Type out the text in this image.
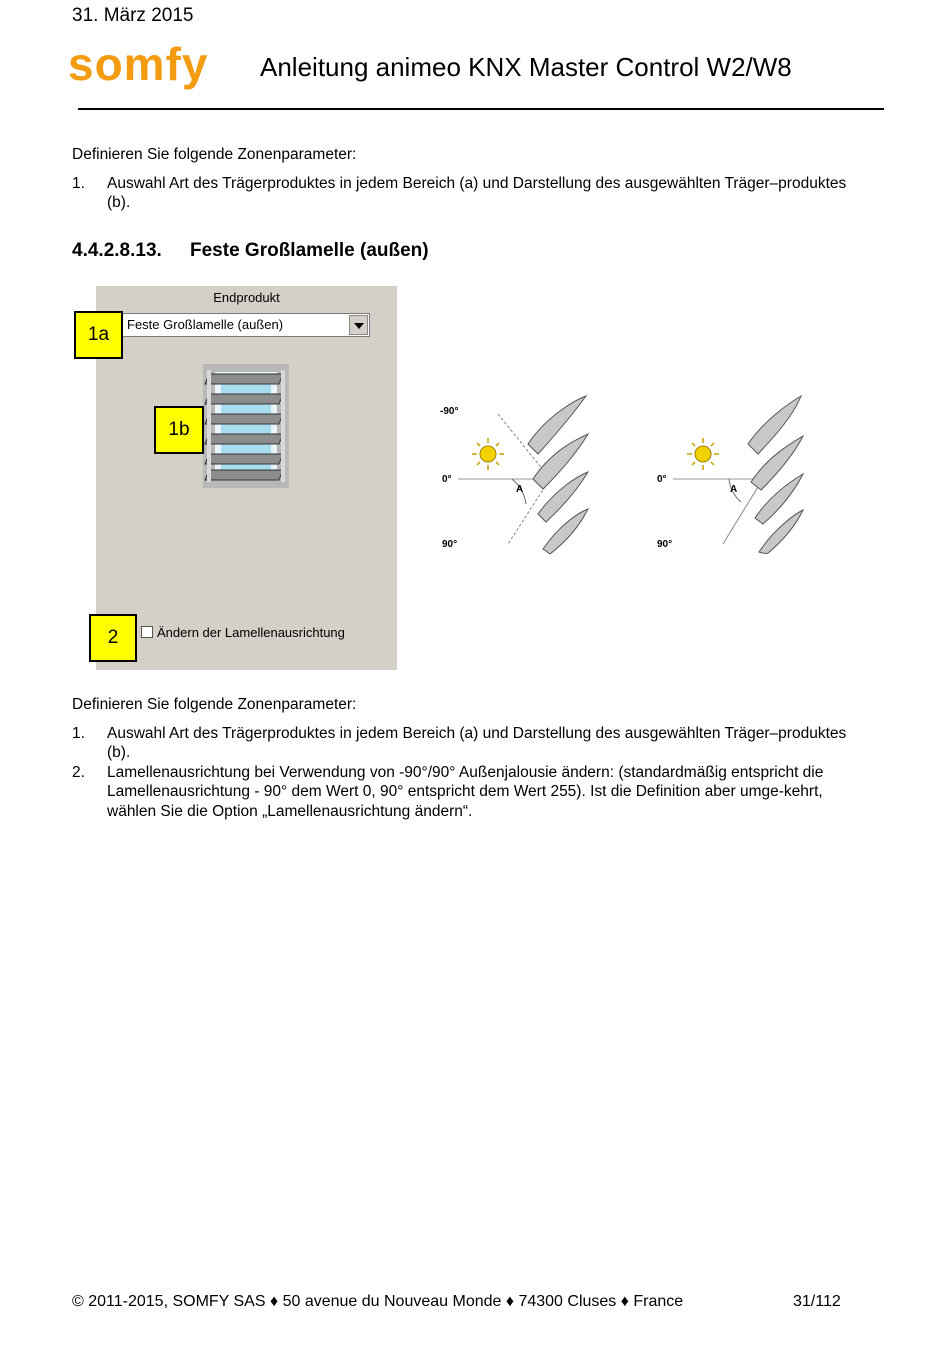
31. März 2015
somfy Anleitung animeo KNX Master Control W2/W8
Definieren Sie folgende Zonenparameter:
1. Auswahl Art des Trägerproduktes in jedem Bereich (a) und Darstellung des ausgewählten Träger–produktes (b).
4.4.2.8.13. Feste Großlamelle (außen)
Endprodukt
Feste Großlamelle (außen)
Ändern der Lamellenausrichtung
1a
1b
2
-90°
0°
90°
A
0°
90°
A
Definieren Sie folgende Zonenparameter:
1. Auswahl Art des Trägerproduktes in jedem Bereich (a) und Darstellung des ausgewählten Träger–produktes (b).
2. Lamellenausrichtung bei Verwendung von -90°/90° Außenjalousie ändern: (standardmäßig entspricht die Lamellenausrichtung - 90° dem Wert 0, 90° entspricht dem Wert 255). Ist die Definition aber umge-kehrt, wählen Sie die Option „Lamellenausrichtung ändern“.
© 2011-2015, SOMFY SAS ♦ 50 avenue du Nouveau Monde ♦ 74300 Cluses ♦ France	31/112
